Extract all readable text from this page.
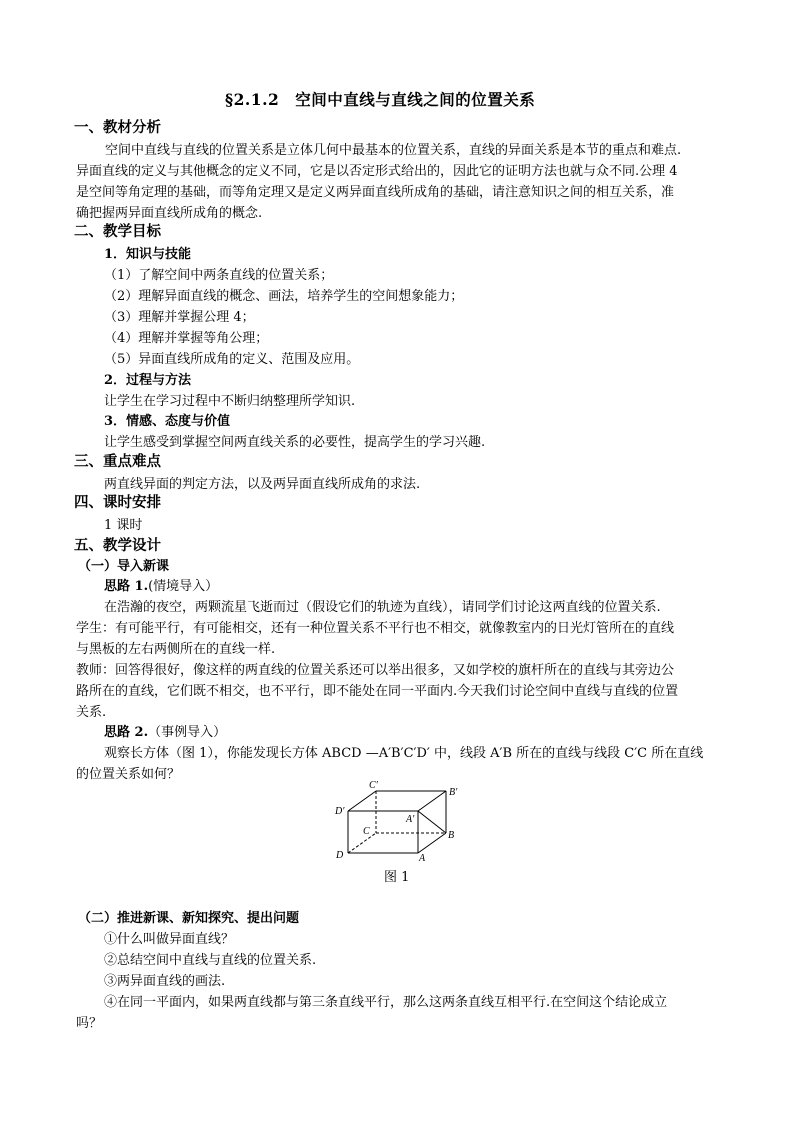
§2.1.2　空间中直线与直线之间的位置关系
一、教材分析
空间中直线与直线的位置关系是立体几何中最基本的位置关系，直线的异面关系是本节的重点和难点.
异面直线的定义与其他概念的定义不同，它是以否定形式给出的，因此它的证明方法也就与众不同.公理 4
是空间等角定理的基础，而等角定理又是定义两异面直线所成角的基础，请注意知识之间的相互关系，准
确把握两异面直线所成角的概念.
二、教学目标
1．知识与技能
（1）了解空间中两条直线的位置关系；
（2）理解异面直线的概念、画法，培养学生的空间想象能力；
（3）理解并掌握公理 4；
（4）理解并掌握等角公理；
（5）异面直线所成角的定义、范围及应用。
2．过程与方法
让学生在学习过程中不断归纳整理所学知识.
3．情感、态度与价值
让学生感受到掌握空间两直线关系的必要性，提高学生的学习兴趣.
三、重点难点
两直线异面的判定方法，以及两异面直线所成角的求法.
四、课时安排
1 课时
五、教学设计
（一）导入新课
思路 1.(情境导入）
在浩瀚的夜空，两颗流星飞逝而过（假设它们的轨迹为直线），请同学们讨论这两直线的位置关系.
学生：有可能平行，有可能相交，还有一种位置关系不平行也不相交，就像教室内的日光灯管所在的直线
与黑板的左右两侧所在的直线一样.
教师：回答得很好，像这样的两直线的位置关系还可以举出很多，又如学校的旗杆所在的直线与其旁边公
路所在的直线，它们既不相交，也不平行，即不能处在同一平面内.今天我们讨论空间中直线与直线的位置
关系.
思路 2.（事例导入）
观察长方体（图 1），你能发现长方体 ABCD —A′B′C′D′ 中，线段 A′B 所在的直线与线段 C′C 所在直线
的位置关系如何？
C′
B′
D′
A′
C	B
D	A
图 1
（二）推进新课、新知探究、提出问题
①什么叫做异面直线？
②总结空间中直线与直线的位置关系.
③两异面直线的画法.
④在同一平面内，如果两直线都与第三条直线平行，那么这两条直线互相平行.在空间这个结论成立
吗？
